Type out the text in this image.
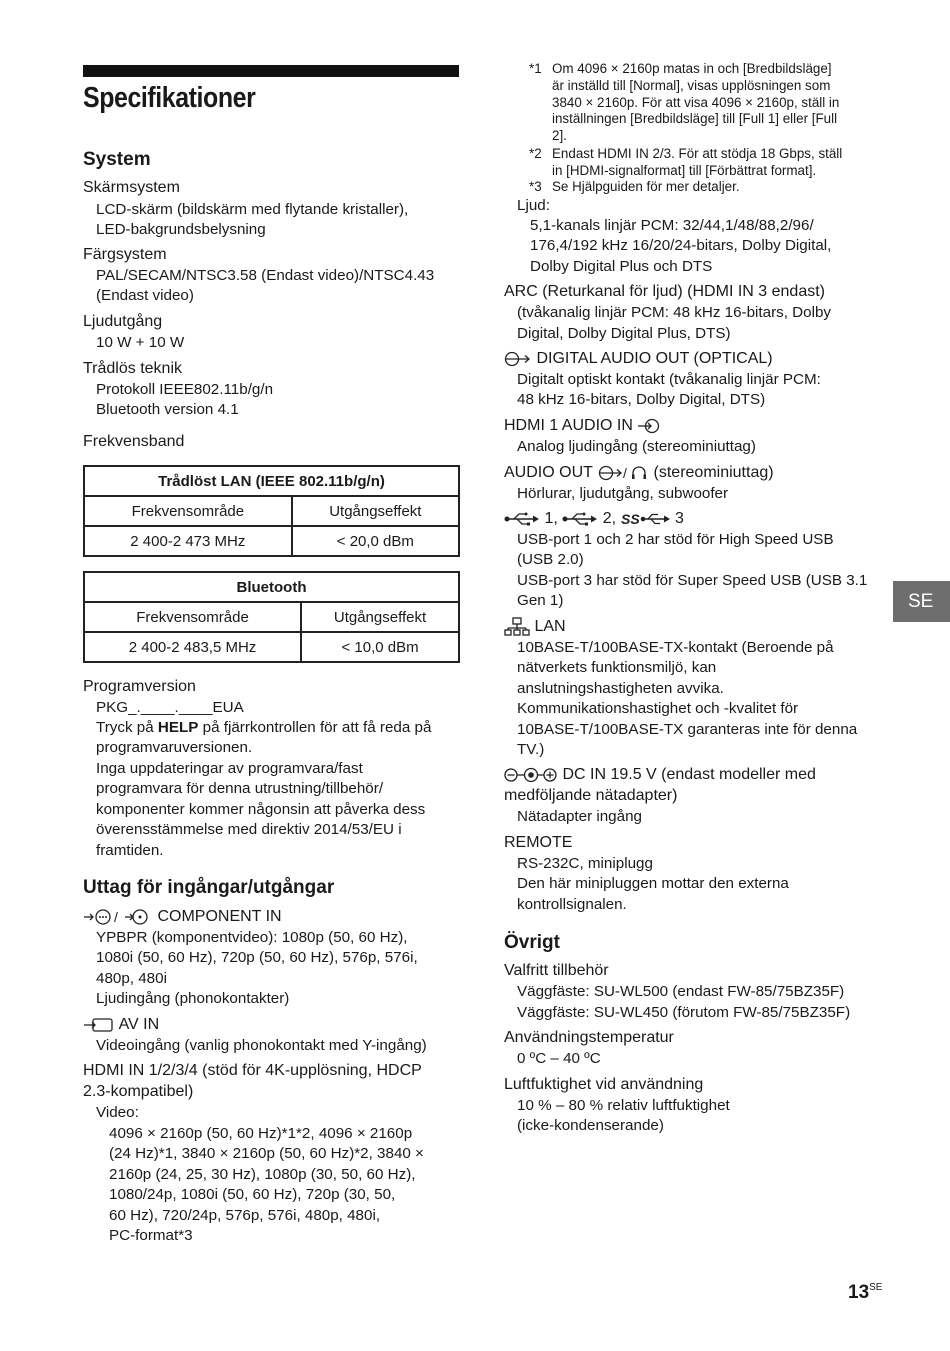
Specifikationer
System
Skärmsystem
LCD-skärm (bildskärm med flytande kristaller),
LED-bakgrundsbelysning
Färgsystem
PAL/SECAM/NTSC3.58 (Endast video)/NTSC4.43
(Endast video)
Ljudutgång
10 W + 10 W
Trådlös teknik
Protokoll IEEE802.11b/g/n
Bluetooth version 4.1
Frekvensband
Trådlöst LAN (IEEE 802.11b/g/n)	
Frekvensområde	Utgångseffekt
2 400-2 473 MHz	< 20,0 dBm
Bluetooth	
Frekvensområde	Utgångseffekt
2 400-2 483,5 MHz	< 10,0 dBm
Programversion
PKG_.____.____EUA
Tryck på HELP på fjärrkontrollen för att få reda på
programvaruversionen.
Inga uppdateringar av programvara/fast
programvara för denna utrustning/tillbehör/
komponenter kommer någonsin att påverka dess
överensstämmelse med direktiv 2014/53/EU i
framtiden.
Uttag för ingångar/utgångar
/ COMPONENT IN
YPBPR (komponentvideo): 1080p (50, 60 Hz),
1080i (50, 60 Hz), 720p (50, 60 Hz), 576p, 576i,
480p, 480i
Ljudingång (phonokontakter)
AV IN
Videoingång (vanlig phonokontakt med Y-ingång)
HDMI IN 1/2/3/4 (stöd för 4K-upplösning, HDCP
2.3-kompatibel)
Video:
4096 × 2160p (50, 60 Hz)*1*2, 4096 × 2160p
(24 Hz)*1, 3840 × 2160p (50, 60 Hz)*2, 3840 ×
2160p (24, 25, 30 Hz), 1080p (30, 50, 60 Hz),
1080/24p, 1080i (50, 60 Hz), 720p (30, 50,
60 Hz), 720/24p, 576p, 576i, 480p, 480i,
PC-format*3
*1 Om 4096 × 2160p matas in och [Bredbildsläge]
är inställd till [Normal], visas upplösningen som
3840 × 2160p. För att visa 4096 × 2160p, ställ in
inställningen [Bredbildsläge] till [Full 1] eller [Full
2].
*2 Endast HDMI IN 2/3. För att stödja 18 Gbps, ställ
in [HDMI-signalformat] till [Förbättrat format].
*3 Se Hjälpguiden för mer detaljer.
Ljud:
5,1-kanals linjär PCM: 32/44,1/48/88,2/96/
176,4/192 kHz 16/20/24-bitars, Dolby Digital,
Dolby Digital Plus och DTS
ARC (Returkanal för ljud) (HDMI IN 3 endast)
(tvåkanalig linjär PCM: 48 kHz 16-bitars, Dolby
Digital, Dolby Digital Plus, DTS)
DIGITAL AUDIO OUT (OPTICAL)
Digitalt optiskt kontakt (tvåkanalig linjär PCM:
48 kHz 16-bitars, Dolby Digital, DTS)
HDMI 1 AUDIO IN
Analog ljudingång (stereominiuttag)
AUDIO OUT / (stereominiuttag)
Hörlurar, ljudutgång, subwoofer
1,	2, SS 3
USB-port 1 och 2 har stöd för High Speed USB
(USB 2.0)
USB-port 3 har stöd för Super Speed USB (USB 3.1
Gen 1)
LAN
10BASE-T/100BASE-TX-kontakt (Beroende på
nätverkets funktionsmiljö, kan
anslutningshastigheten avvika.
Kommunikationshastighet och -kvalitet för
10BASE-T/100BASE-TX garanteras inte för denna
TV.)
DC IN 19.5 V (endast modeller med
medföljande nätadapter)
Nätadapter ingång
REMOTE
RS-232C, miniplugg
Den här minipluggen mottar den externa
kontrollsignalen.
Övrigt
Valfritt tillbehör
Väggfäste: SU-WL500 (endast FW-85/75BZ35F)
Väggfäste: SU-WL450 (förutom FW-85/75BZ35F)
Användningstemperatur
0 ºC – 40 ºC
Luftfuktighet vid användning
10 % – 80 % relativ luftfuktighet
(icke-kondenserande)
SE
$13^{SE}$
